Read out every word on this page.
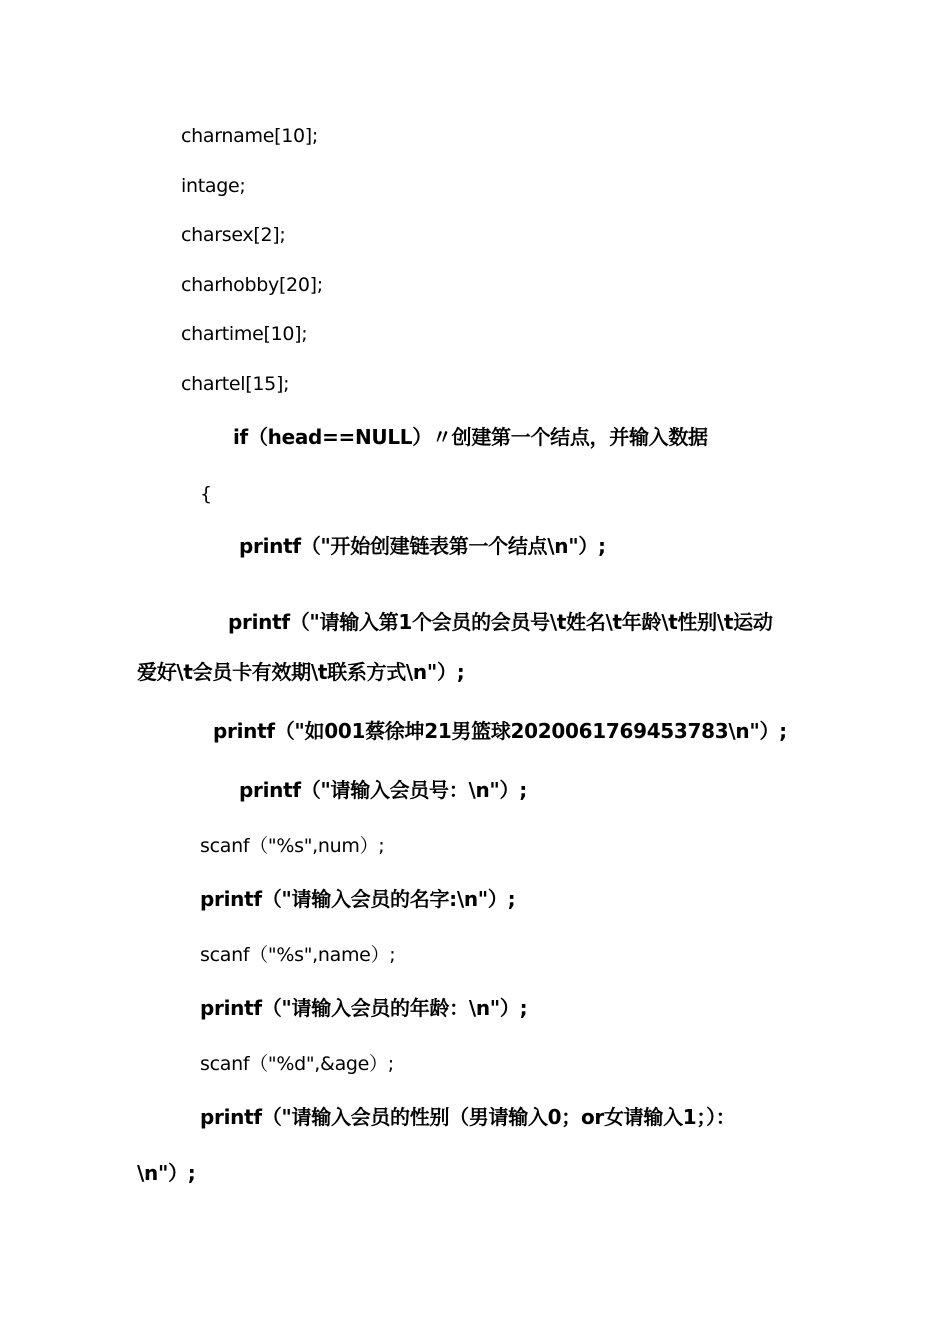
charname[10];
intage;
charsex[2];
charhobby[20];
chartime[10];
chartel[15];
if（head==NULL）〃创建第一个结点，并输入数据
{
printf（"开始创建链表第一个结点\n"）;
printf（"请输入第1个会员的会员号\t姓名\t年龄\t性别\t运动
爱好\t会员卡有效期\t联系方式\n"）;
printf（"如001蔡徐坤21男篮球2020061769453783\n"）;
printf（"请输入会员号：\n"）;
scanf（"%s",num）;
printf（"请输入会员的名字:\n"）;
scanf（"%s",name）;
printf（"请输入会员的年龄：\n"）;
scanf（"%d",&age）;
printf（"请输入会员的性别（男请输入0；or女请输入1；）：
\n"）;
